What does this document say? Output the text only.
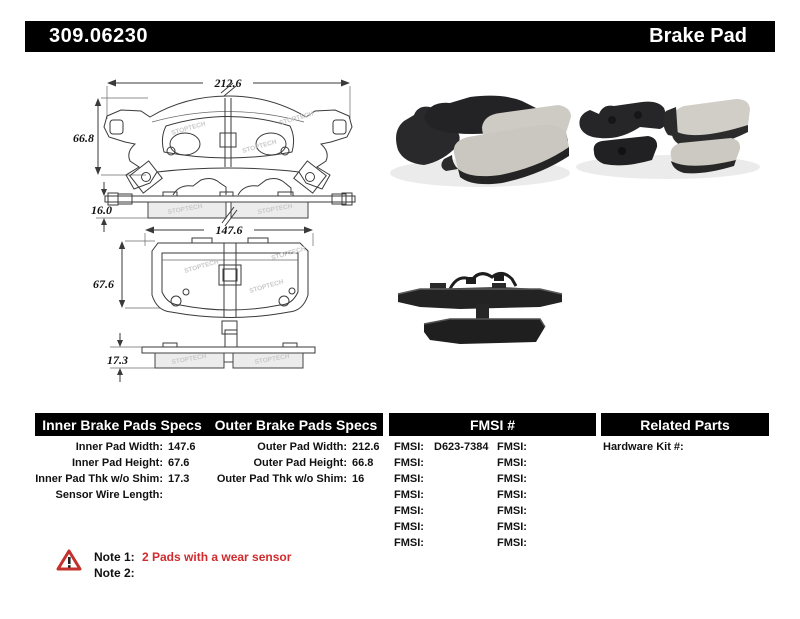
309.06230	Brake Pad
212.6
66.8
STOPTECH
STOPTECH
STOPTECH
STOPTECH	STOPTECH
16.0
147.6
67.6
STOPTECH
STOPTECH
STOPTECH
STOPTECH	STOPTECH
17.3
Inner Brake Pads Specs Outer Brake Pads Specs	FMSI #	Related Parts
Inner Pad Width: 147.6
Inner Pad Height: 67.6
Inner Pad Thk w/o Shim: 17.3
Sensor Wire Length:
Outer Pad Width: 212.6
Outer Pad Height: 66.8
Outer Pad Thk w/o Shim: 16
FMSI: D623-7384
FMSI:
FMSI:
FMSI:
FMSI:
FMSI:
FMSI:
FMSI:
FMSI:
FMSI:
FMSI:
FMSI:
FMSI:
FMSI:
Hardware Kit #:
Note 1: 2 Pads with a wear sensor
Note 2:
